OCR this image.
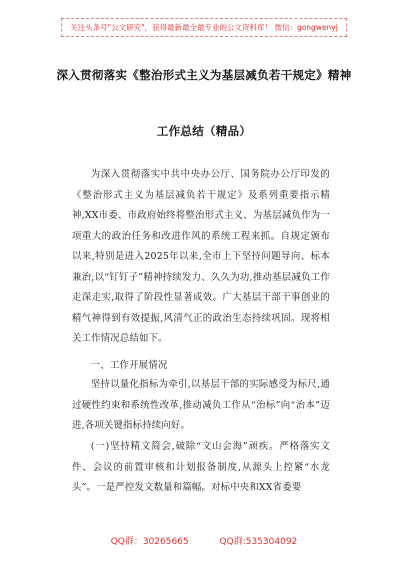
关注头条号"公文研究"，获得最新最全最专业的公文资料库！ 微信：gongwenyj
深入贯彻落实《整治形式主义为基层减负若干规定》精神
工作总结（精品）

为深入贯彻落实中共中央办公厅、国务院办公厅印发的《整治形式主义为基层减负若干规定》及系列重要指示精神,XX市委、市政府始终将整治形式主义、为基层减负作为一项重大的政治任务和改进作风的系统工程来抓。自规定颁布以来,特别是进入2025年以来,全市上下坚持问题导向、标本兼治,以“钉钉子”精神持续发力、久久为功,推动基层减负工作走深走实,取得了阶段性显著成效。广大基层干部干事创业的精气神得到有效提振,风清气正的政治生态持续巩固。现将相关工作情况总结如下。

一、工作开展情况

坚持以量化指标为牵引,以基层干部的实际感受为标尺,通过硬性约束和系统性改革,推动减负工作从“治标”向“治本”迈进,各项关键指标持续向好。

(一)坚持精文简会,破除“文山会海”顽疾。严格落实文件、会议的前置审核和计划报备制度,从源头上控紧“水龙头”。一是严控发文数量和篇幅。对标中央和XX省委要

QQ群：30265665	QQ群:535304092
